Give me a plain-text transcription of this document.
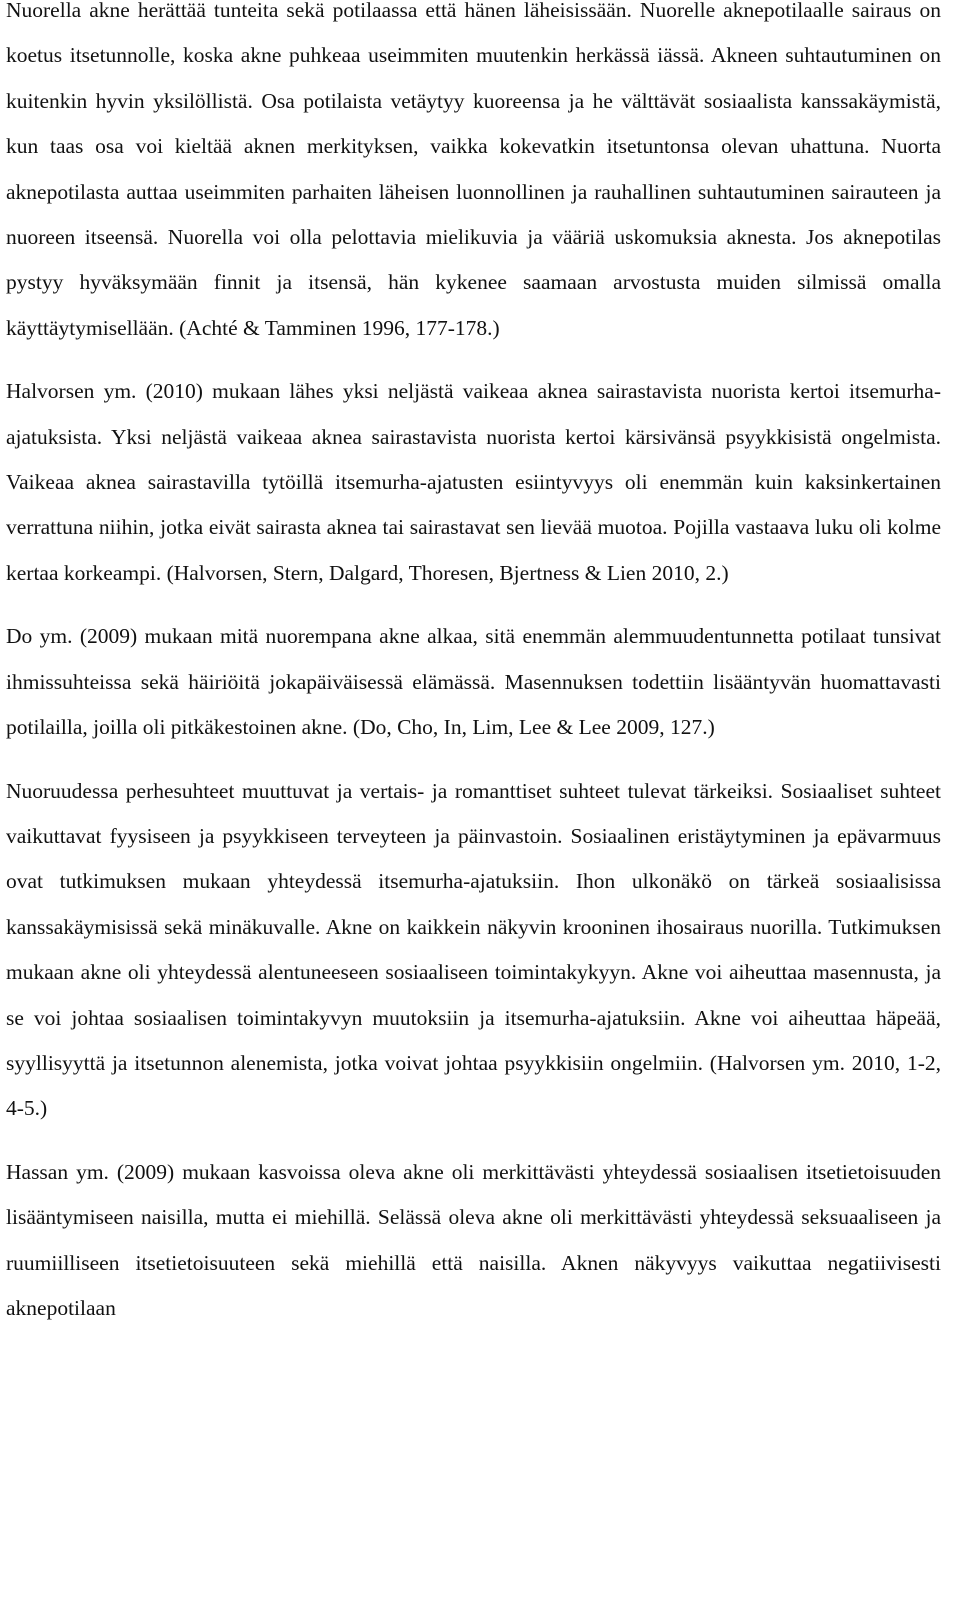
Nuorella akne herättää tunteita sekä potilaassa että hänen läheisissään. Nuorelle aknepotilaalle sairaus on koetus itsetunnolle, koska akne puhkeaa useimmiten muutenkin herkässä iässä. Akneen suhtautuminen on kuitenkin hyvin yksilöllistä. Osa potilaista vetäytyy kuoreensa ja he välttävät sosiaalista kanssakäymistä, kun taas osa voi kieltää aknen merkityksen, vaikka kokevatkin itsetuntonsa olevan uhattuna. Nuorta aknepotilasta auttaa useimmiten parhaiten läheisen luonnollinen ja rauhallinen suhtautuminen sairauteen ja nuoreen itseensä. Nuorella voi olla pelottavia mielikuvia ja vääriä uskomuksia aknesta. Jos aknepotilas pystyy hyväksymään finnit ja itsensä, hän kykenee saamaan arvostusta muiden silmissä omalla käyttäytymisellään. (Achté & Tamminen 1996, 177-178.)

Halvorsen ym. (2010) mukaan lähes yksi neljästä vaikeaa aknea sairastavista nuorista kertoi itsemurha-ajatuksista. Yksi neljästä vaikeaa aknea sairastavista nuorista kertoi kärsivänsä psyykkisistä ongelmista. Vaikeaa aknea sairastavilla tytöillä itsemurha-ajatusten esiintyvyys oli enemmän kuin kaksinkertainen verrattuna niihin, jotka eivät sairasta aknea tai sairastavat sen lievää muotoa. Pojilla vastaava luku oli kolme kertaa korkeampi. (Halvorsen, Stern, Dalgard, Thoresen, Bjertness & Lien 2010, 2.)

Do ym. (2009) mukaan mitä nuorempana akne alkaa, sitä enemmän alemmuudentunnetta potilaat tunsivat ihmissuhteissa sekä häiriöitä jokapäiväisessä elämässä. Masennuksen todettiin lisääntyvän huomattavasti potilailla, joilla oli pitkäkestoinen akne. (Do, Cho, In, Lim, Lee & Lee 2009, 127.)

Nuoruudessa perhesuhteet muuttuvat ja vertais- ja romanttiset suhteet tulevat tärkeiksi. Sosiaaliset suhteet vaikuttavat fyysiseen ja psyykkiseen terveyteen ja päinvastoin. Sosiaalinen eristäytyminen ja epävarmuus ovat tutkimuksen mukaan yhteydessä itsemurha-ajatuksiin. Ihon ulkonäkö on tärkeä sosiaalisissa kanssakäymisissä sekä minäkuvalle. Akne on kaikkein näkyvin krooninen ihosairaus nuorilla. Tutkimuksen mukaan akne oli yhteydessä alentuneeseen sosiaaliseen toimintakykyyn. Akne voi aiheuttaa masennusta, ja se voi johtaa sosiaalisen toimintakyvyn muutoksiin ja itsemurha-ajatuksiin. Akne voi aiheuttaa häpeää, syyllisyyttä ja itsetunnon alenemista, jotka voivat johtaa psyykkisiin ongelmiin. (Halvorsen ym. 2010, 1-2, 4-5.)

Hassan ym. (2009) mukaan kasvoissa oleva akne oli merkittävästi yhteydessä sosiaalisen itsetietoisuuden lisääntymiseen naisilla, mutta ei miehillä. Selässä oleva akne oli merkittävästi yhteydessä seksuaaliseen ja ruumiilliseen itsetietoisuuteen sekä miehillä että naisilla. Aknen näkyvyys vaikuttaa negatiivisesti aknepotilaan
